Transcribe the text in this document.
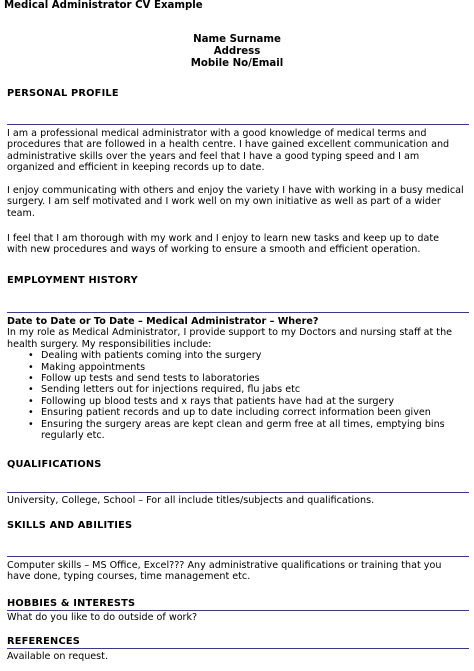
Medical Administrator CV Example
Name Surname
Address
Mobile No/Email
PERSONAL PROFILE
I am a professional medical administrator with a good knowledge of medical terms and
procedures that are followed in a health centre. I have gained excellent communication and
administrative skills over the years and feel that I have a good typing speed and I am
organized and efficient in keeping records up to date.
I enjoy communicating with others and enjoy the variety I have with working in a busy medical
surgery. I am self motivated and I work well on my own initiative as well as part of a wider
team.
I feel that I am thorough with my work and I enjoy to learn new tasks and keep up to date
with new procedures and ways of working to ensure a smooth and efficient operation.
EMPLOYMENT HISTORY
Date to Date or To Date – Medical Administrator – Where?
In my role as Medical Administrator, I provide support to my Doctors and nursing staff at the
health surgery. My responsibilities include:
• Dealing with patients coming into the surgery
• Making appointments
• Follow up tests and send tests to laboratories
• Sending letters out for injections required, flu jabs etc
• Following up blood tests and x rays that patients have had at the surgery
• Ensuring patient records and up to date including correct information been given
• Ensuring the surgery areas are kept clean and germ free at all times, emptying bins
regularly etc.
QUALIFICATIONS
University, College, School – For all include titles/subjects and qualifications.
SKILLS AND ABILITIES
Computer skills – MS Office, Excel??? Any administrative qualifications or training that you
have done, typing courses, time management etc.
HOBBIES & INTERESTS
What do you like to do outside of work?
REFERENCES
Available on request.
